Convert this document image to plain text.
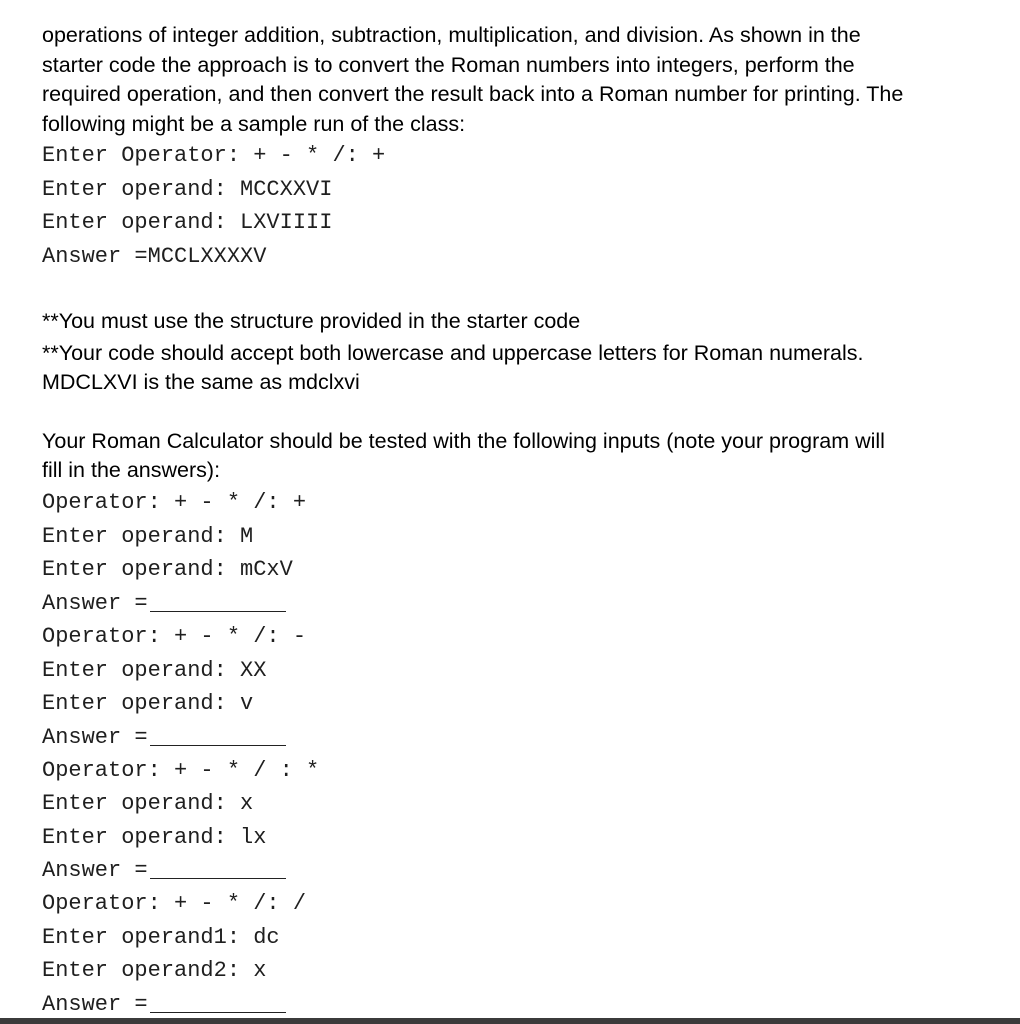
operations of integer addition, subtraction, multiplication, and division. As shown in the

starter code the approach is to convert the Roman numbers into integers, perform the

required operation, and then convert the result back into a Roman number for printing. The

following might be a sample run of the class:

Enter Operator: + - * /: +

Enter operand: MCCXXVI

Enter operand: LXVIIII

Answer =MCCLXXXXV

**You must use the structure provided in the starter code

**Your code should accept both lowercase and uppercase letters for Roman numerals.

MDCLXVI is the same as mdclxvi

Your Roman Calculator should be tested with the following inputs (note your program will

fill in the answers):

Operator: + - * /: +

Enter operand: M

Enter operand: mCxV

Answer =

Operator: + - * /: -

Enter operand: XX

Enter operand: v

Answer =

Operator: + - * / : *

Enter operand: x

Enter operand: lx

Answer =

Operator: + - * /: /

Enter operand1: dc

Enter operand2: x

Answer =
